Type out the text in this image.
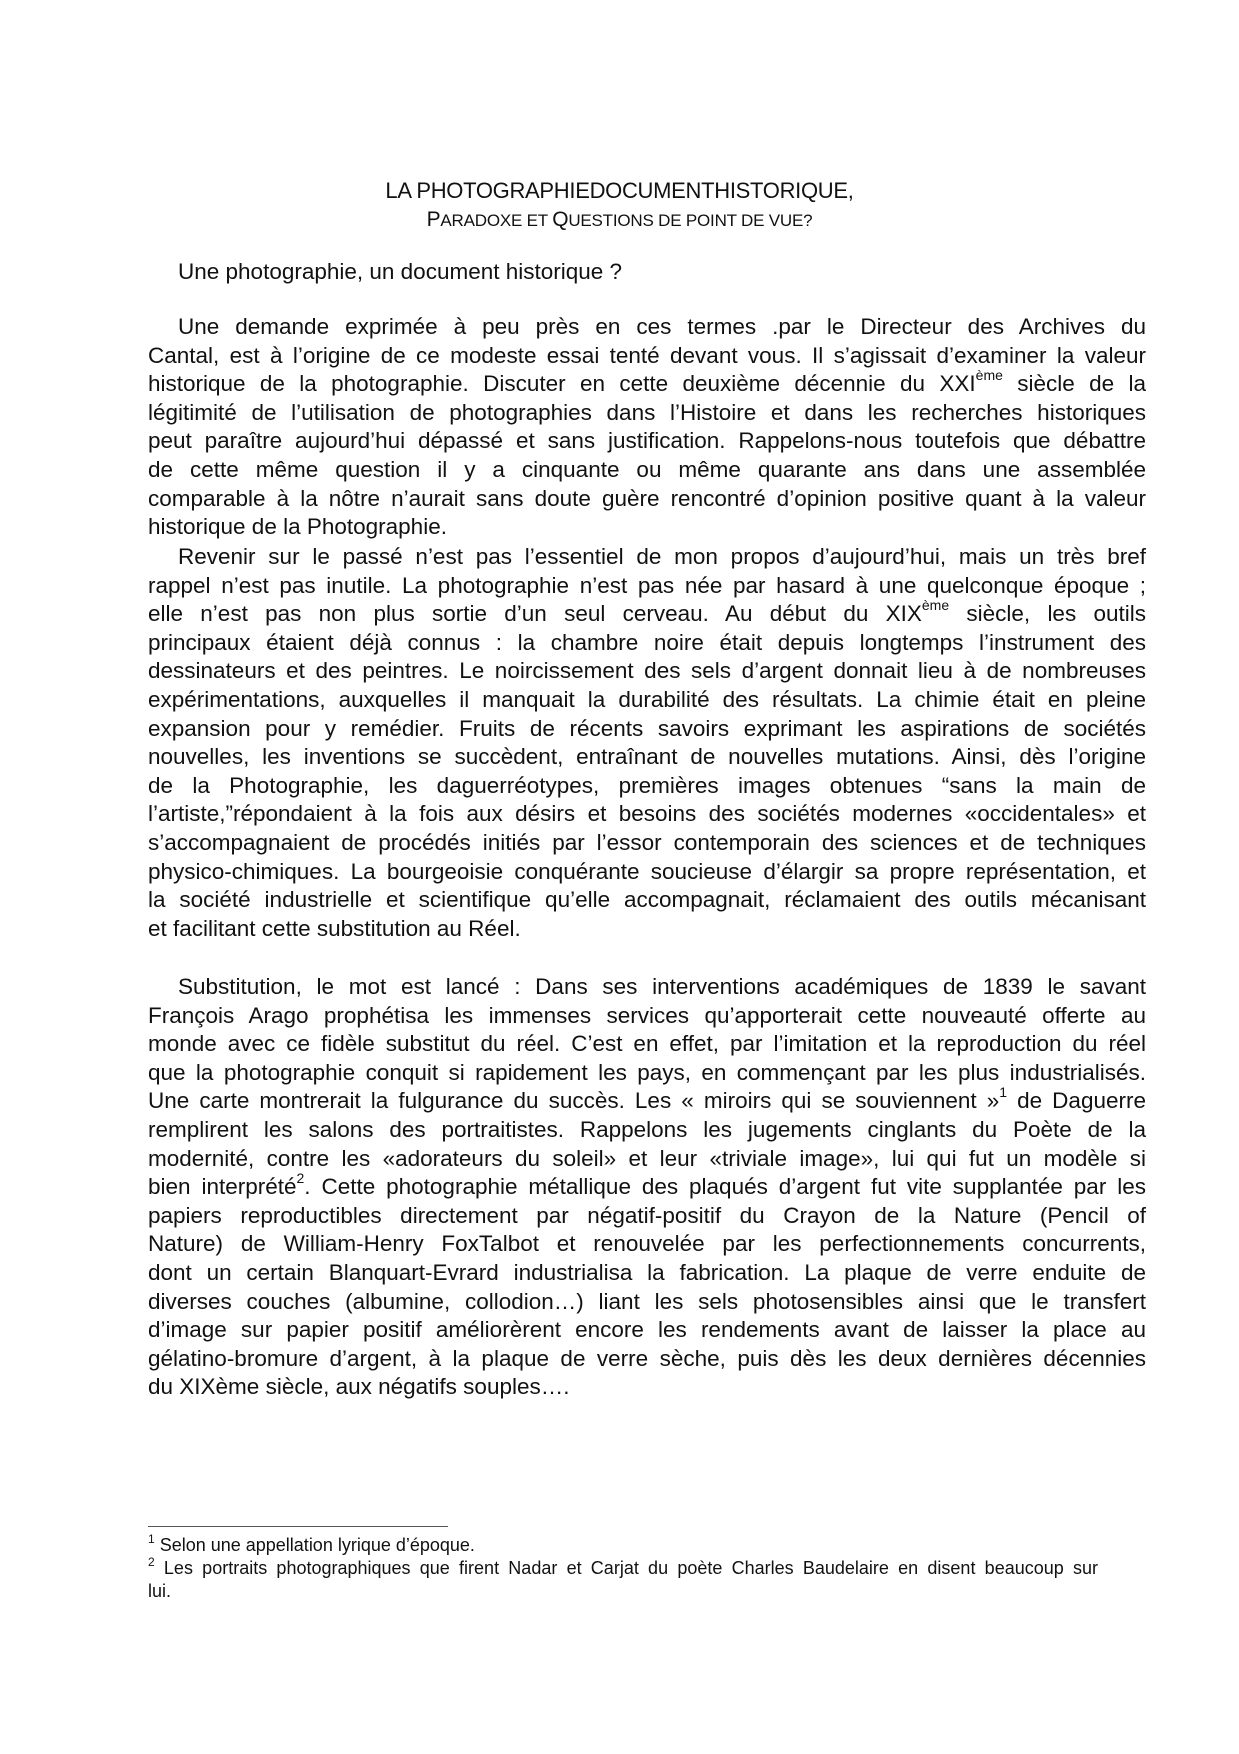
LA PHOTOGRAPHIEDOCUMENTHISTORIQUE,
PARADOXE ET QUESTIONS DE POINT DE VUE?
Une photographie, un document historique ?
Une demande exprimée à peu près en ces termes .par le Directeur des Archives du
Cantal, est à l’origine de ce modeste essai tenté devant vous. Il s’agissait d’examiner la valeur
historique de la photographie. Discuter en cette deuxième décennie du XXIème siècle de la
légitimité de l’utilisation de photographies dans l’Histoire et dans les recherches historiques
peut paraître aujourd’hui dépassé et sans justification. Rappelons-nous toutefois que débattre
de cette même question il y a cinquante ou même quarante ans dans une assemblée
comparable à la nôtre n’aurait sans doute guère rencontré d’opinion positive quant à la valeur
historique de la Photographie.
Revenir sur le passé n’est pas l’essentiel de mon propos d’aujourd’hui, mais un très bref
rappel n’est pas inutile. La photographie n’est pas née par hasard à une quelconque époque ;
elle n’est pas non plus sortie d’un seul cerveau. Au début du XIXème siècle, les outils
principaux étaient déjà connus : la chambre noire était depuis longtemps l’instrument des
dessinateurs et des peintres. Le noircissement des sels d’argent donnait lieu à de nombreuses
expérimentations, auxquelles il manquait la durabilité des résultats. La chimie était en pleine
expansion pour y remédier. Fruits de récents savoirs exprimant les aspirations de sociétés
nouvelles, les inventions se succèdent, entraînant de nouvelles mutations. Ainsi, dès l’origine
de la Photographie, les daguerréotypes, premières images obtenues “sans la main de
l’artiste,”répondaient à la fois aux désirs et besoins des sociétés modernes «occidentales» et
s’accompagnaient de procédés initiés par l’essor contemporain des sciences et de techniques
physico-chimiques. La bourgeoisie conquérante soucieuse d’élargir sa propre représentation, et
la société industrielle et scientifique qu’elle accompagnait, réclamaient des outils mécanisant
et facilitant cette substitution au Réel.
Substitution, le mot est lancé : Dans ses interventions académiques de 1839 le savant
François Arago prophétisa les immenses services qu’apporterait cette nouveauté offerte au
monde avec ce fidèle substitut du réel. C’est en effet, par l’imitation et la reproduction du réel
que la photographie conquit si rapidement les pays, en commençant par les plus industrialisés.
Une carte montrerait la fulgurance du succès. Les « miroirs qui se souviennent »$^1$ de Daguerre
remplirent les salons des portraitistes. Rappelons les jugements cinglants du Poète de la
modernité, contre les «adorateurs du soleil» et leur «triviale image», lui qui fut un modèle si
bien interprété$^2$. Cette photographie métallique des plaqués d’argent fut vite supplantée par les
papiers reproductibles directement par négatif-positif du Crayon de la Nature (Pencil of
Nature) de William-Henry FoxTalbot et renouvelée par les perfectionnements concurrents,
dont un certain Blanquart-Evrard industrialisa la fabrication. La plaque de verre enduite de
diverses couches (albumine, collodion…) liant les sels photosensibles ainsi que le transfert
d’image sur papier positif améliorèrent encore les rendements avant de laisser la place au
gélatino-bromure d’argent, à la plaque de verre sèche, puis dès les deux dernières décennies
du XIXème siècle, aux négatifs souples….
$^1$ Selon une appellation lyrique d’époque.
$^2$ Les portraits photographiques que firent Nadar et Carjat du poète Charles Baudelaire en disent beaucoup sur
lui.
